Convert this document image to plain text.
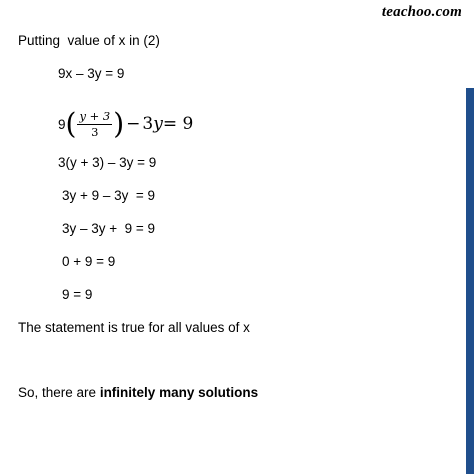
teachoo.com
Putting  value of x in (2)
9x – 3y = 9
9 ( $\frac{y + 3}{3}$ ) − 3 y = 9
3(y + 3) – 3y = 9
3y + 9 – 3y  = 9
3y – 3y +  9 = 9
0 + 9 = 9
9 = 9
The statement is true for all values of x
So, there are infinitely many solutions
